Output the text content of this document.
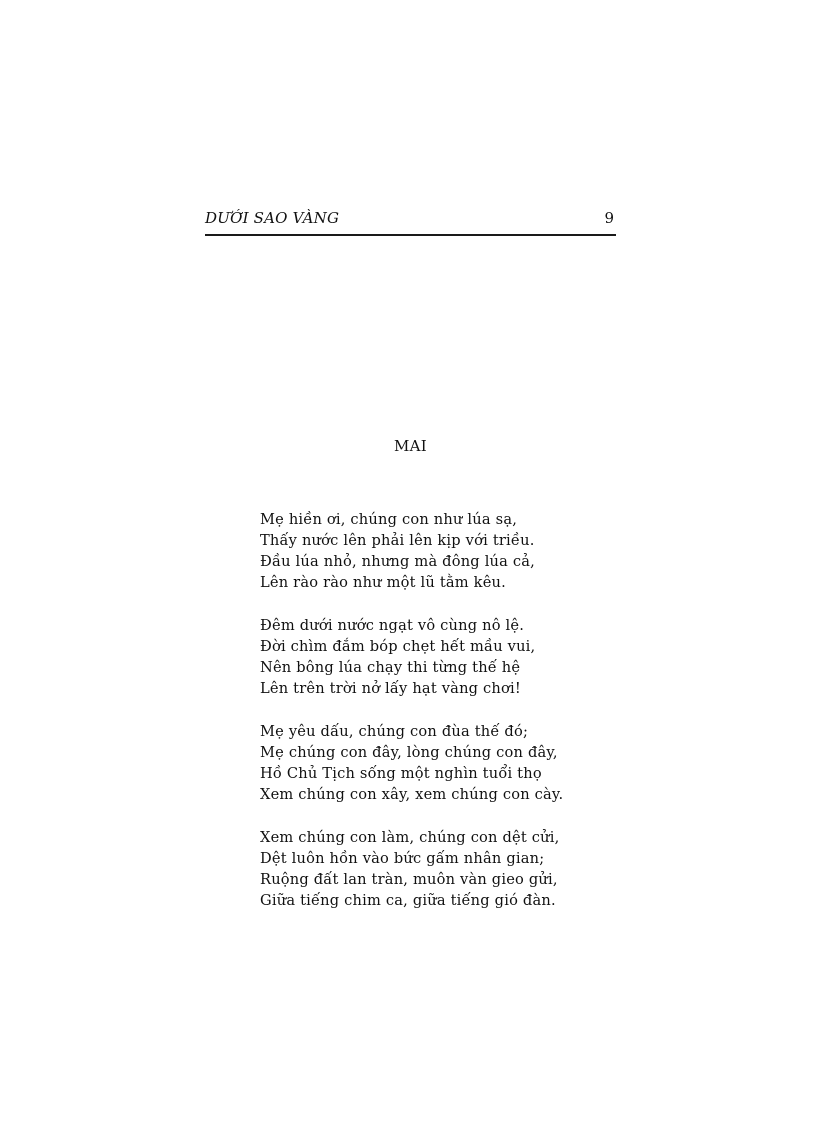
DƯỚI SAO VÀNG	9
MAI
Mẹ hiền ơi, chúng con như lúa sạ,
Thấy nước lên phải lên kịp với triều.
Đầu lúa nhỏ, nhưng mà đông lúa cả,
Lên rào rào như một lũ tằm kêu.
Đêm dưới nước ngạt vô cùng nô lệ.
Đời chìm đắm bóp chẹt hết mầu vui,
Nên bông lúa chạy thi từng thế hệ
Lên trên trời nở lấy hạt vàng chơi!
Mẹ yêu dấu, chúng con đùa thế đó;
Mẹ chúng con đây, lòng chúng con đây,
Hồ Chủ Tịch sống một nghìn tuổi thọ
Xem chúng con xây, xem chúng con cày.
Xem chúng con làm, chúng con dệt cửi,
Dệt luôn hồn vào bức gấm nhân gian;
Ruộng đất lan tràn, muôn vàn gieo gửi,
Giữa tiếng chim ca, giữa tiếng gió đàn.
